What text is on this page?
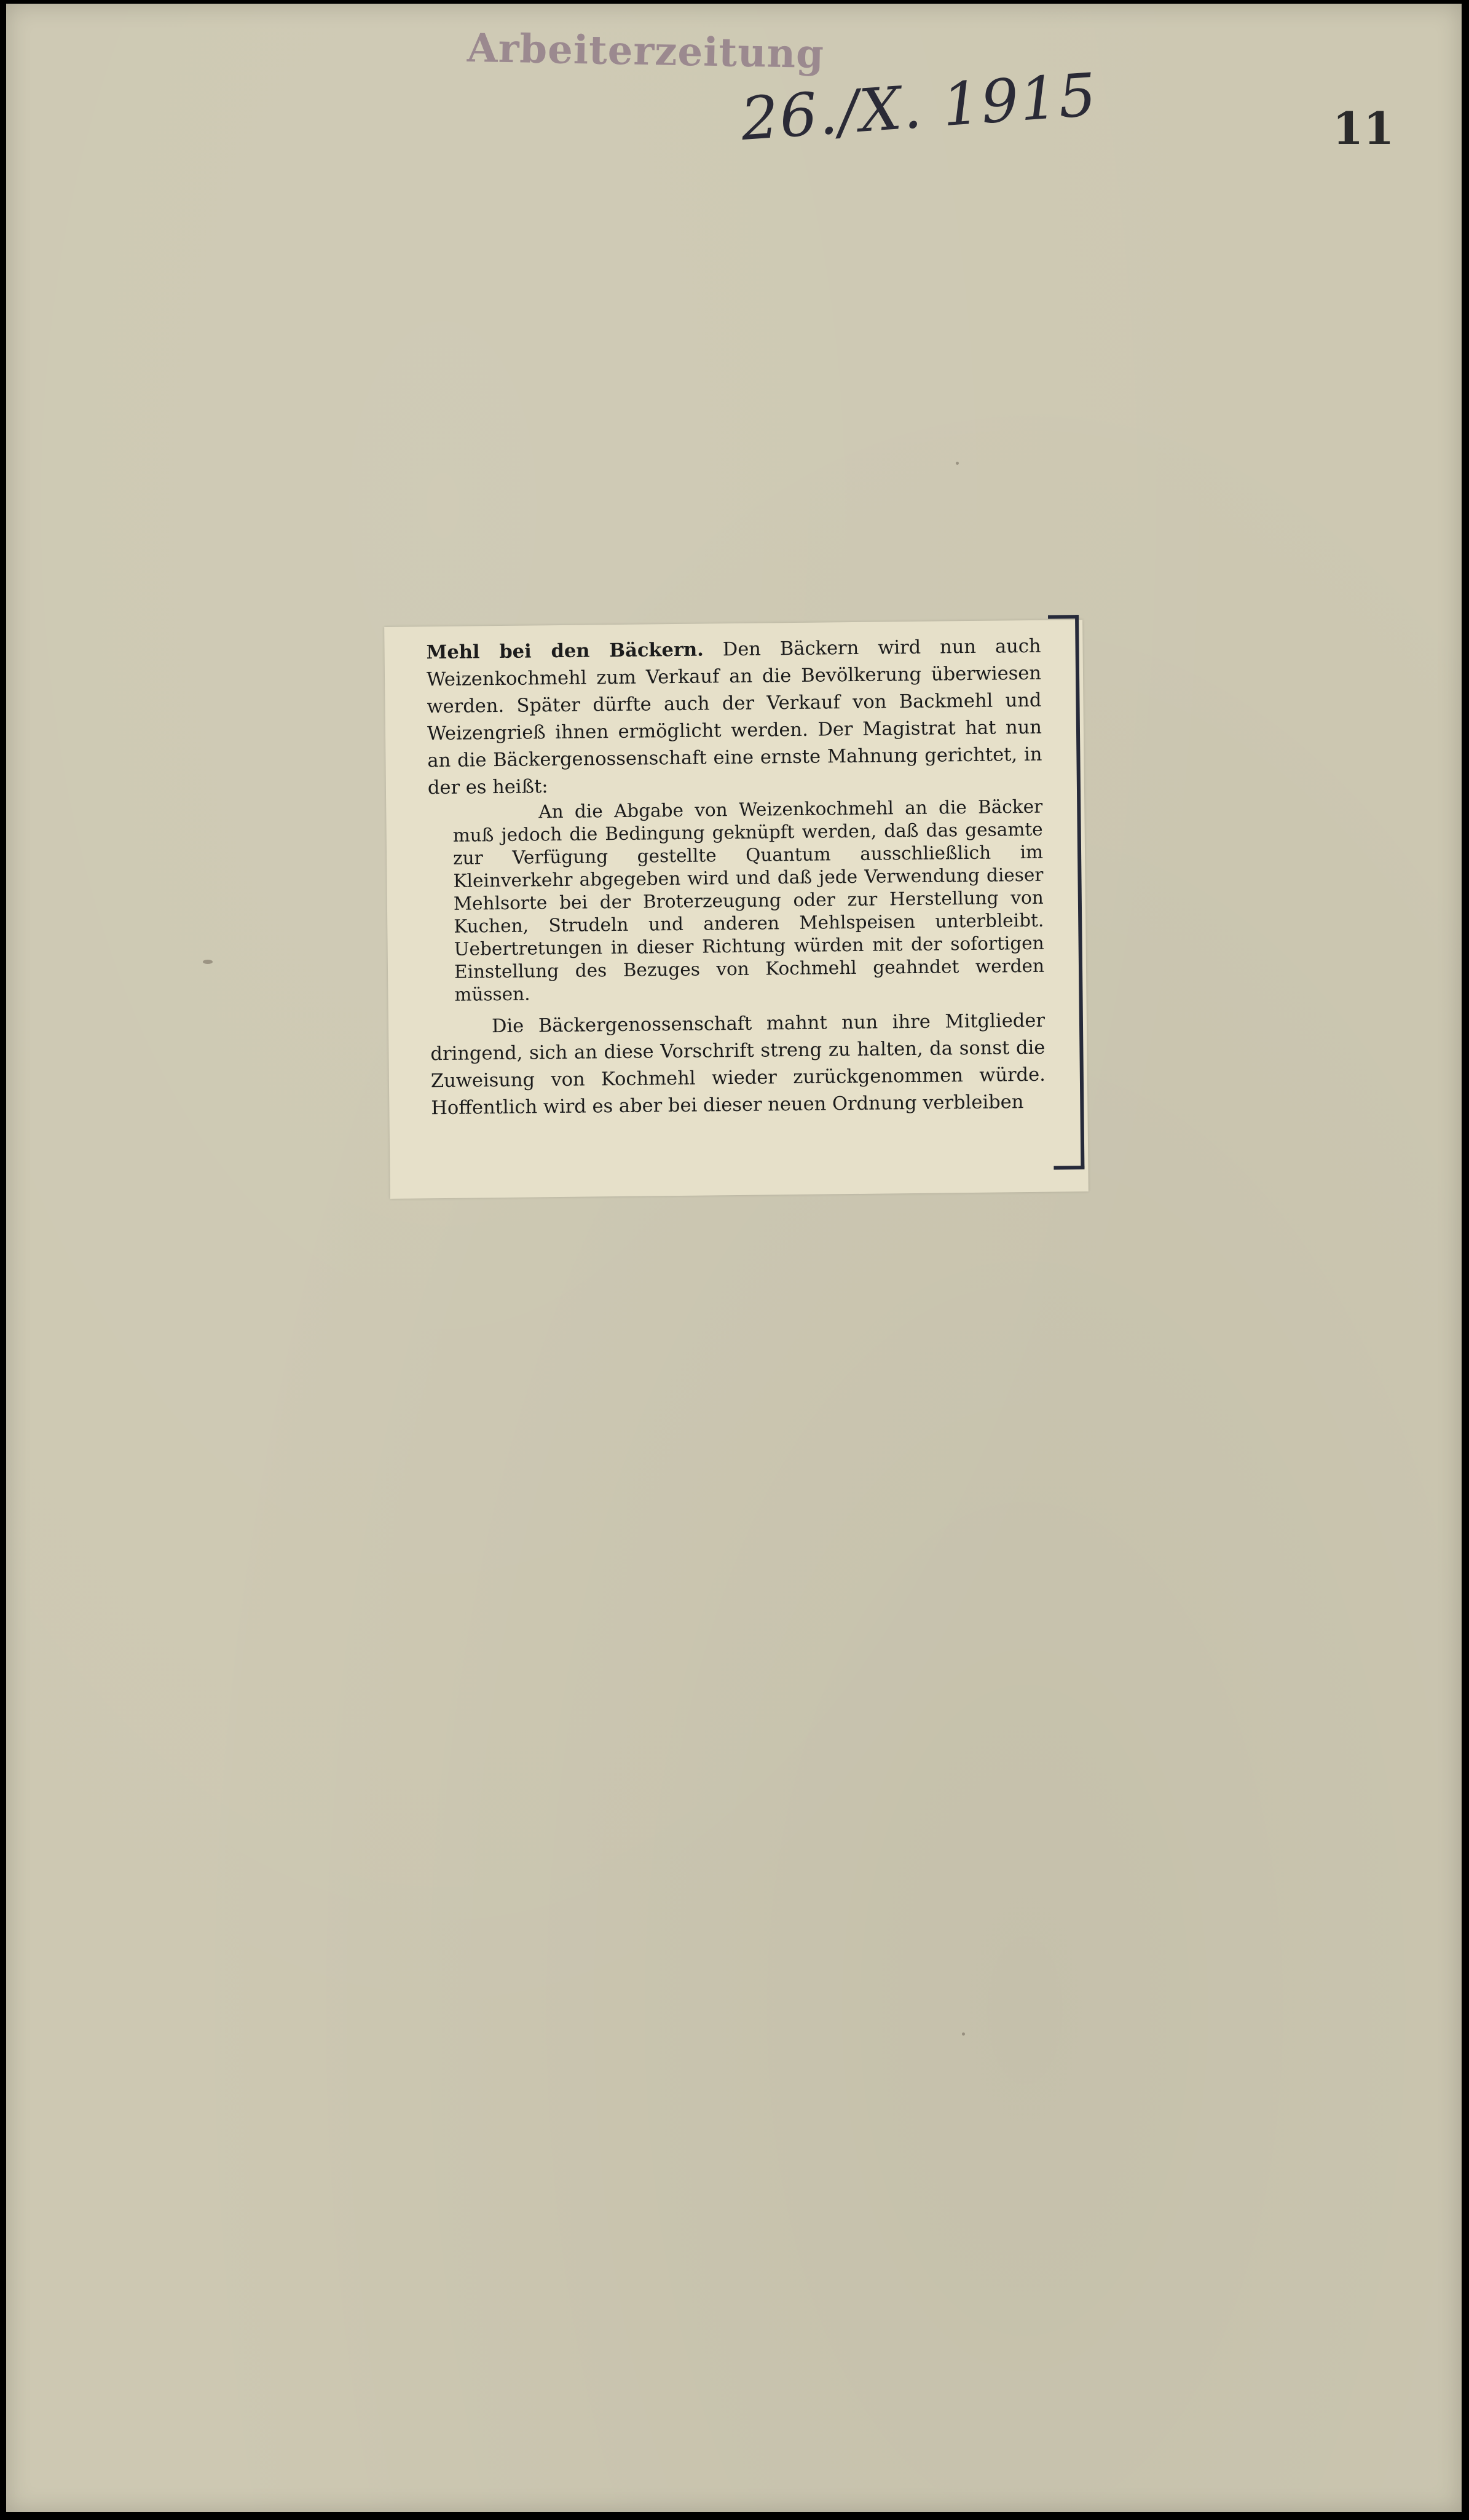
Arbeiterzeitung
26./X. 1915	11

Mehl bei den Bäckern. Den Bäckern wird nun auch Weizenkochmehl zum Verkauf an die Bevölkerung überwiesen werden. Später dürfte auch der Verkauf von Backmehl und Weizengrieß ihnen ermöglicht werden. Der Magistrat hat nun an die Bäckergenossenschaft eine ernste Mahnung gerichtet, in der es heißt:

An die Abgabe von Weizenkochmehl an die Bäcker muß jedoch die Bedingung geknüpft werden, daß das gesamte zur Verfügung gestellte Quantum ausschließlich im Kleinverkehr abgegeben wird und daß jede Verwendung dieser Mehlsorte bei der Broterzeugung oder zur Herstellung von Kuchen, Strudeln und anderen Mehlspeisen unterbleibt. Uebertretungen in dieser Richtung würden mit der sofortigen Einstellung des Bezuges von Kochmehl geahndet werden müssen.

Die Bäckergenossenschaft mahnt nun ihre Mitglieder dringend, sich an diese Vorschrift streng zu halten, da sonst die Zuweisung von Kochmehl wieder zurückgenommen würde. Hoffentlich wird es aber bei dieser neuen Ordnung verbleiben
